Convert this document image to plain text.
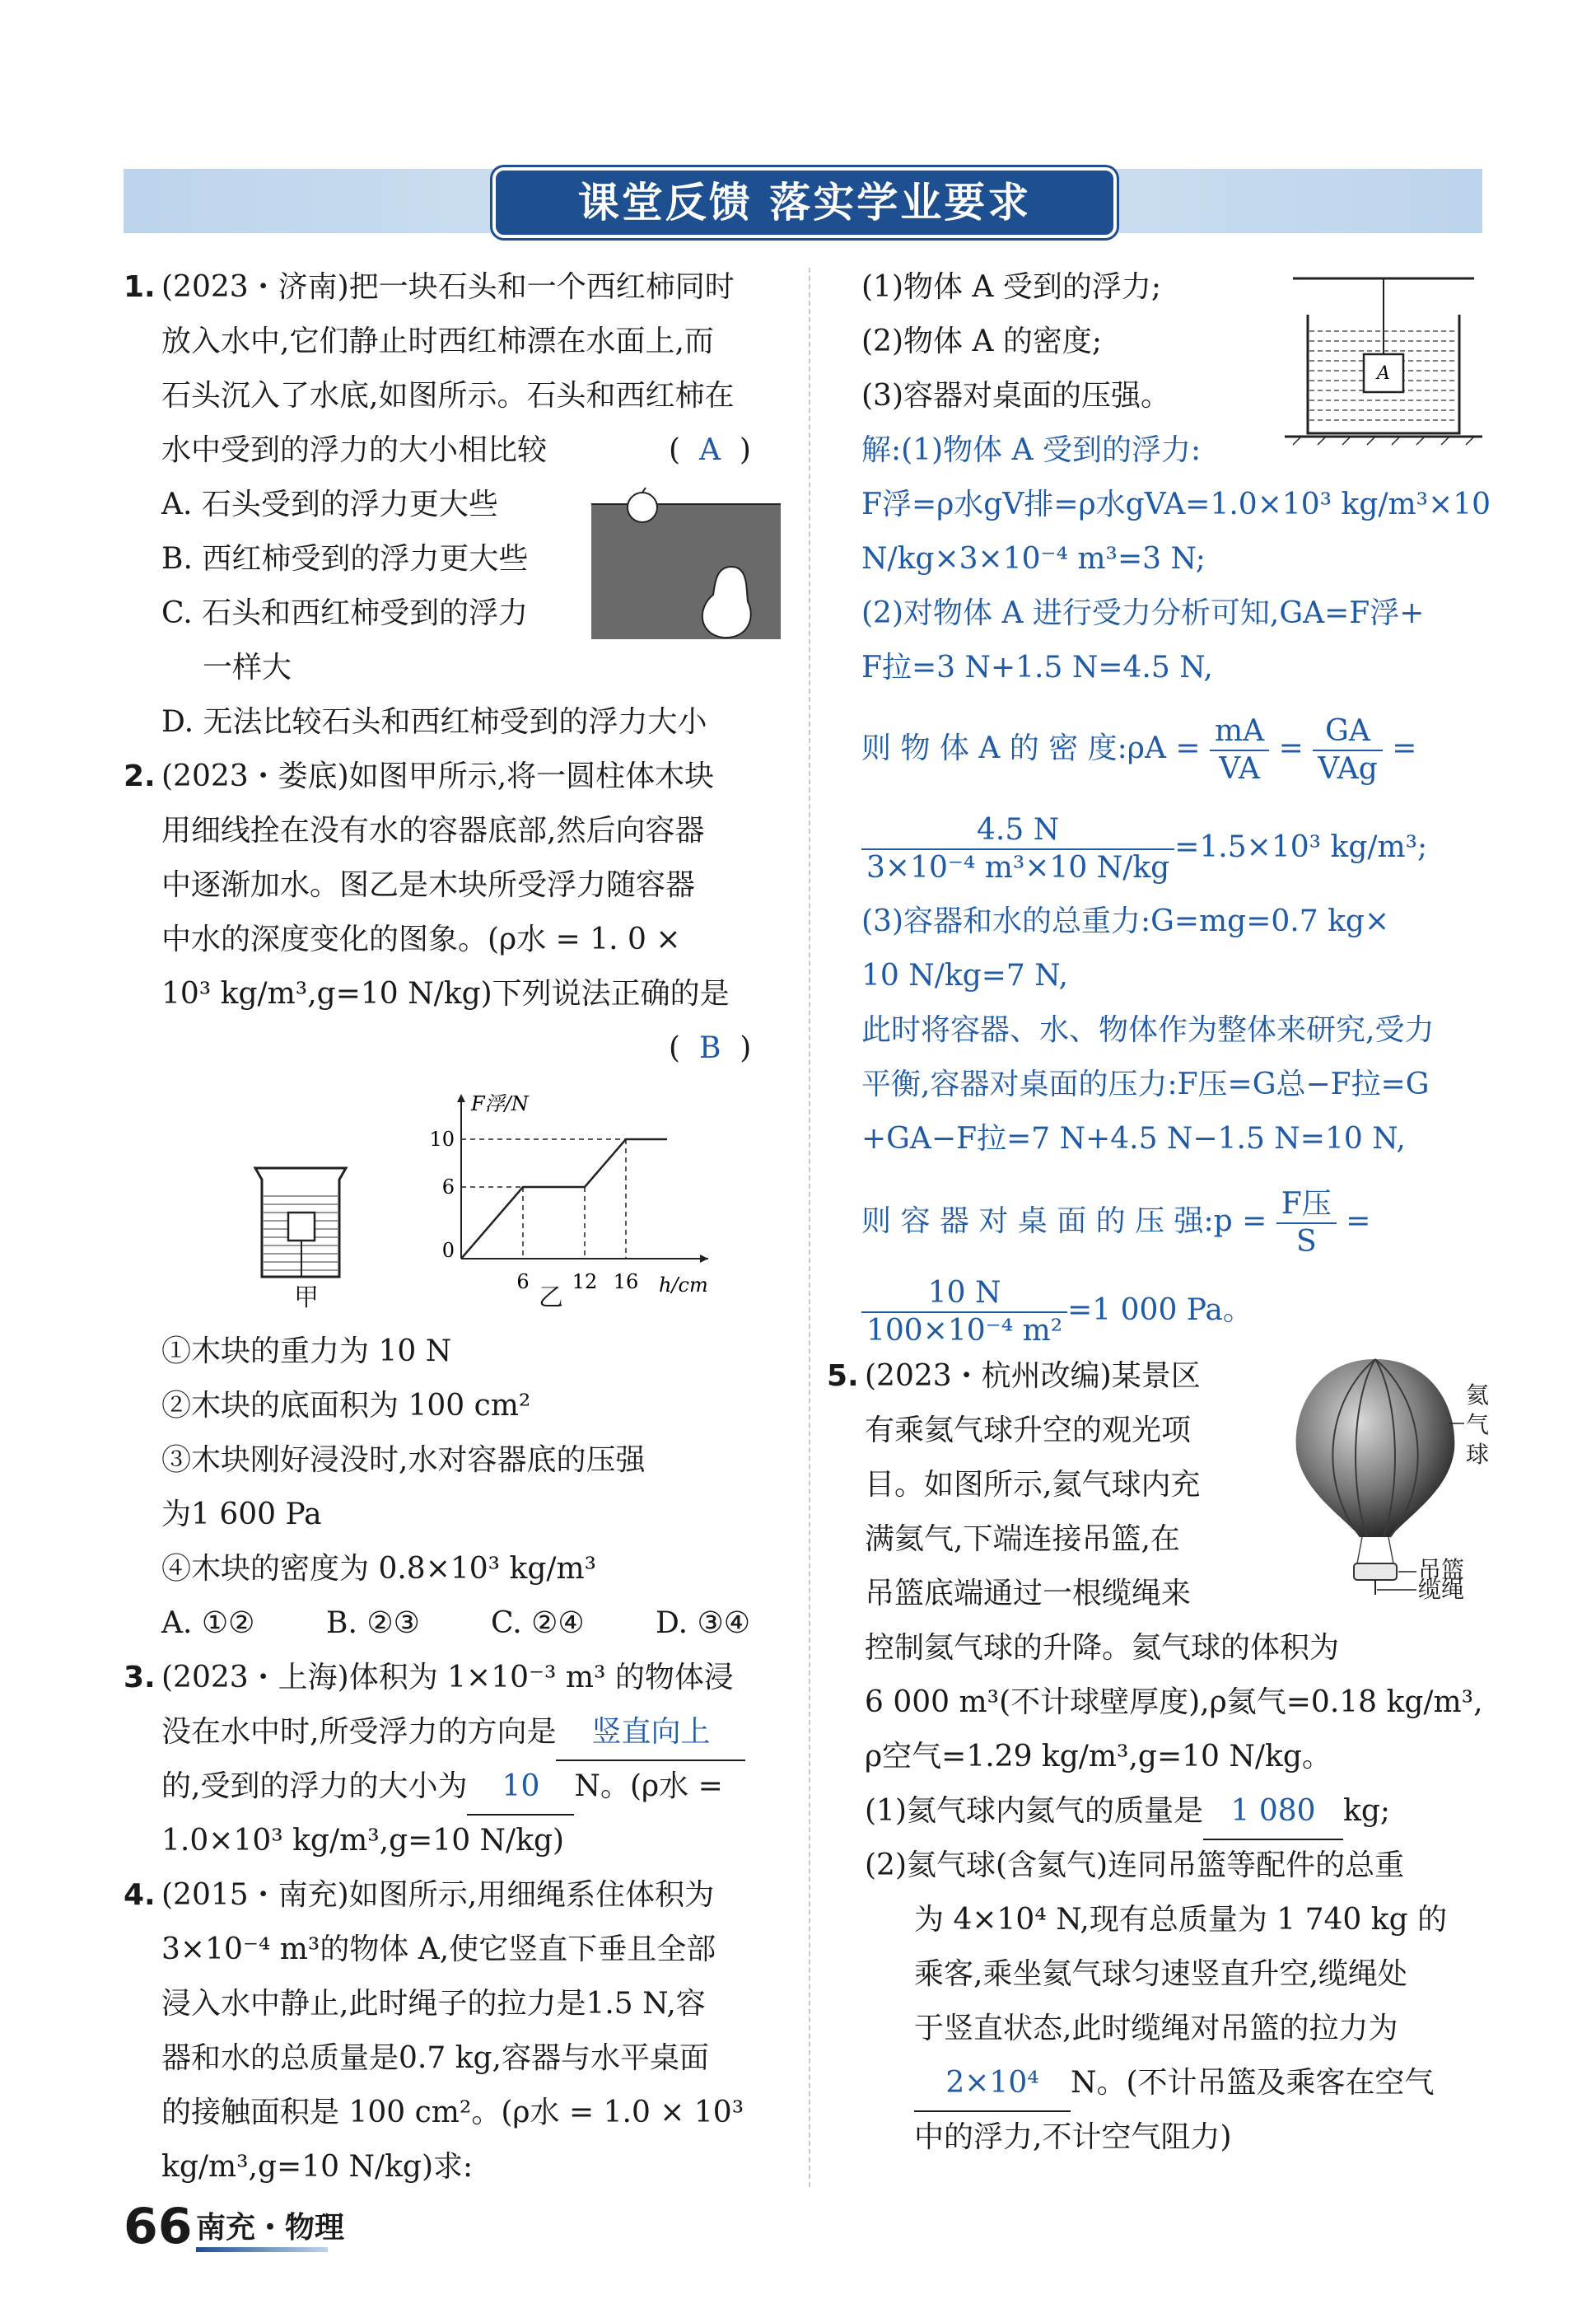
课堂反馈 落实学业要求
1. (2023・济南)把一块石头和一个西红柿同时
放入水中,它们静止时西红柿漂在水面上,而
石头沉入了水底,如图所示。石头和西红柿在
水中受到的浮力的大小相比较	(  A  )
A. 石头受到的浮力更大些
B. 西红柿受到的浮力更大些
C. 石头和西红柿受到的浮力
一样大
D. 无法比较石头和西红柿受到的浮力大小
2. (2023・娄底)如图甲所示,将一圆柱体木块
用细线拴在没有水的容器底部,然后向容器
中逐渐加水。图乙是木块所受浮力随容器
中水的深度变化的图象。(ρ水 = 1. 0 ×
10³ kg/m³,g=10 N/kg)下列说法正确的是
(  B  )
甲
F浮/N
h/cm
6
10
0
6 12 16
乙
①木块的重力为 10 N
②木块的底面积为 100 cm²
③木块刚好浸没时,水对容器底的压强
为1 600 Pa
④木块的密度为 0.8×10³ kg/m³
A. ①② B. ②③ C. ②④ D. ③④
3. (2023・上海)体积为 1×10⁻³ m³ 的物体浸
没在水中时,所受浮力的方向是 竖直向上
的,受到的浮力的大小为 10 N。(ρ水 =
1.0×10³ kg/m³,g=10 N/kg)
4. (2015・南充)如图所示,用细绳系住体积为
3×10⁻⁴ m³的物体 A,使它竖直下垂且全部
浸入水中静止,此时绳子的拉力是1.5 N,容
器和水的总质量是0.7 kg,容器与水平桌面
的接触面积是 100 cm²。(ρ水 = 1.0 × 10³
kg/m³,g=10 N/kg)求:
(1)物体 A 受到的浮力;
(2)物体 A 的密度;
(3)容器对桌面的压强。
A
解:(1)物体 A 受到的浮力:
F浮=ρ水gV排=ρ水gVA=1.0×10³ kg/m³×10
N/kg×3×10⁻⁴ m³=3 N;
(2)对物体 A 进行受力分析可知,GA=F浮+
F拉=3 N+1.5 N=4.5 N,
则 物 体 A 的 密 度:ρA = $\frac{mA}{VA} = \frac{GA}{\text{VAg}}$ =
$\frac{4.5 N}{\text{3×10⁻⁴ m³×10 N/kg}} =1.5\times 10^3$ kg/m³;
(3)容器和水的总重力:G=mg=0.7 kg×
10 N/kg=7 N,
此时将容器、水、物体作为整体来研究,受力
平衡,容器对桌面的压力:F压=G总−F拉=G
+GA−F拉=7 N+4.5 N−1.5 N=10 N,
则 容 器 对 桌 面 的 压 强:p = $\frac{\text{F压}}{S}$ =
$\frac{10 N}{\text{100×10⁻⁴ m²}} =1$ 000 Pa。
5. (2023・杭州改编)某景区
有乘氦气球升空的观光项
目。如图所示,氦气球内充
满氦气,下端连接吊篮,在
吊篮底端通过一根缆绳来
氦
气
球
吊篮
缆绳
控制氦气球的升降。氦气球的体积为
6 000 m³(不计球壁厚度),ρ氦气=0.18 kg/m³,
ρ空气=1.29 kg/m³,g=10 N/kg。
(1)氦气球内氦气的质量是 1 080 kg;
(2)氦气球(含氦气)连同吊篮等配件的总重
为 4×10⁴ N,现有总质量为 1 740 kg 的
乘客,乘坐氦气球匀速竖直升空,缆绳处
于竖直状态,此时缆绳对吊篮的拉力为
2×10⁴ N。(不计吊篮及乘客在空气
中的浮力,不计空气阻力)
66 南充・物理
